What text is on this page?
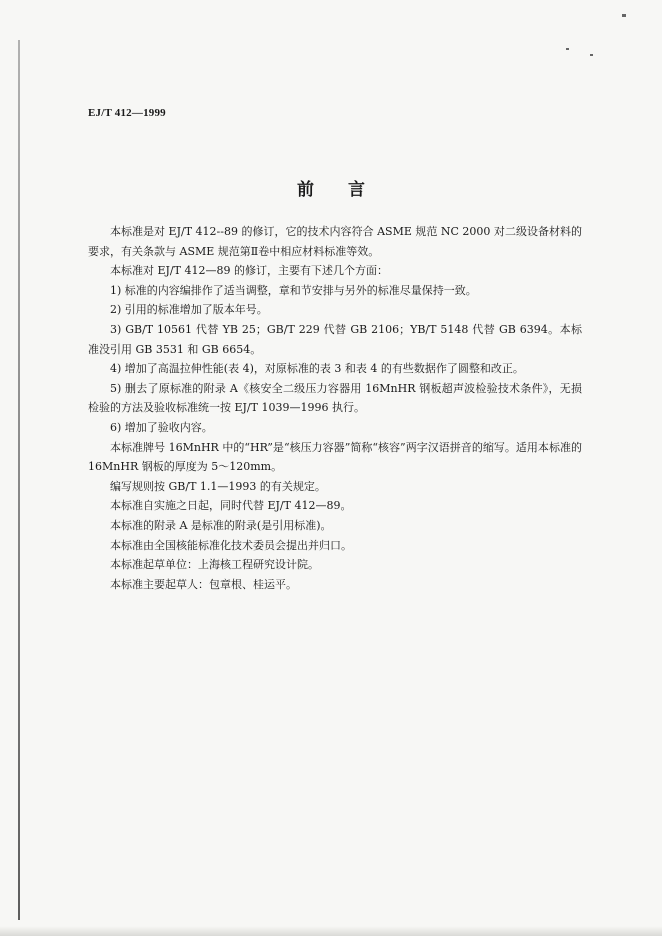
EJ/T 412—1999
前言

本标准是对 EJ/T 412--89 的修订，它的技术内容符合 ASME 规范 NC 2000 对二级设备材料的要求，有关条款与 ASME 规范第Ⅱ卷中相应材料标准等效。

本标准对 EJ/T 412—89 的修订，主要有下述几个方面：

1) 标准的内容编排作了适当调整，章和节安排与另外的标准尽量保持一致。

2) 引用的标准增加了版本年号。

3) GB/T 10561 代替 YB 25；GB/T 229 代替 GB 2106；YB/T 5148 代替 GB 6394。本标准没引用 GB 3531 和 GB 6654。

4) 增加了高温拉伸性能(表 4)，对原标准的表 3 和表 4 的有些数据作了圆整和改正。

5) 删去了原标准的附录 A《核安全二级压力容器用 16MnHR 钢板超声波检验技术条件》，无损检验的方法及验收标准统一按 EJ/T 1039—1996 执行。

6) 增加了验收内容。

本标准牌号 16MnHR 中的“HR”是“核压力容器”简称“核容”两字汉语拼音的缩写。适用本标准的 16MnHR 钢板的厚度为 5～120mm。

编写规则按 GB/T 1.1—1993 的有关规定。

本标准自实施之日起，同时代替 EJ/T 412—89。

本标准的附录 A 是标准的附录(是引用标准)。

本标准由全国核能标准化技术委员会提出并归口。

本标准起草单位：上海核工程研究设计院。

本标准主要起草人：包章根、桂运平。
